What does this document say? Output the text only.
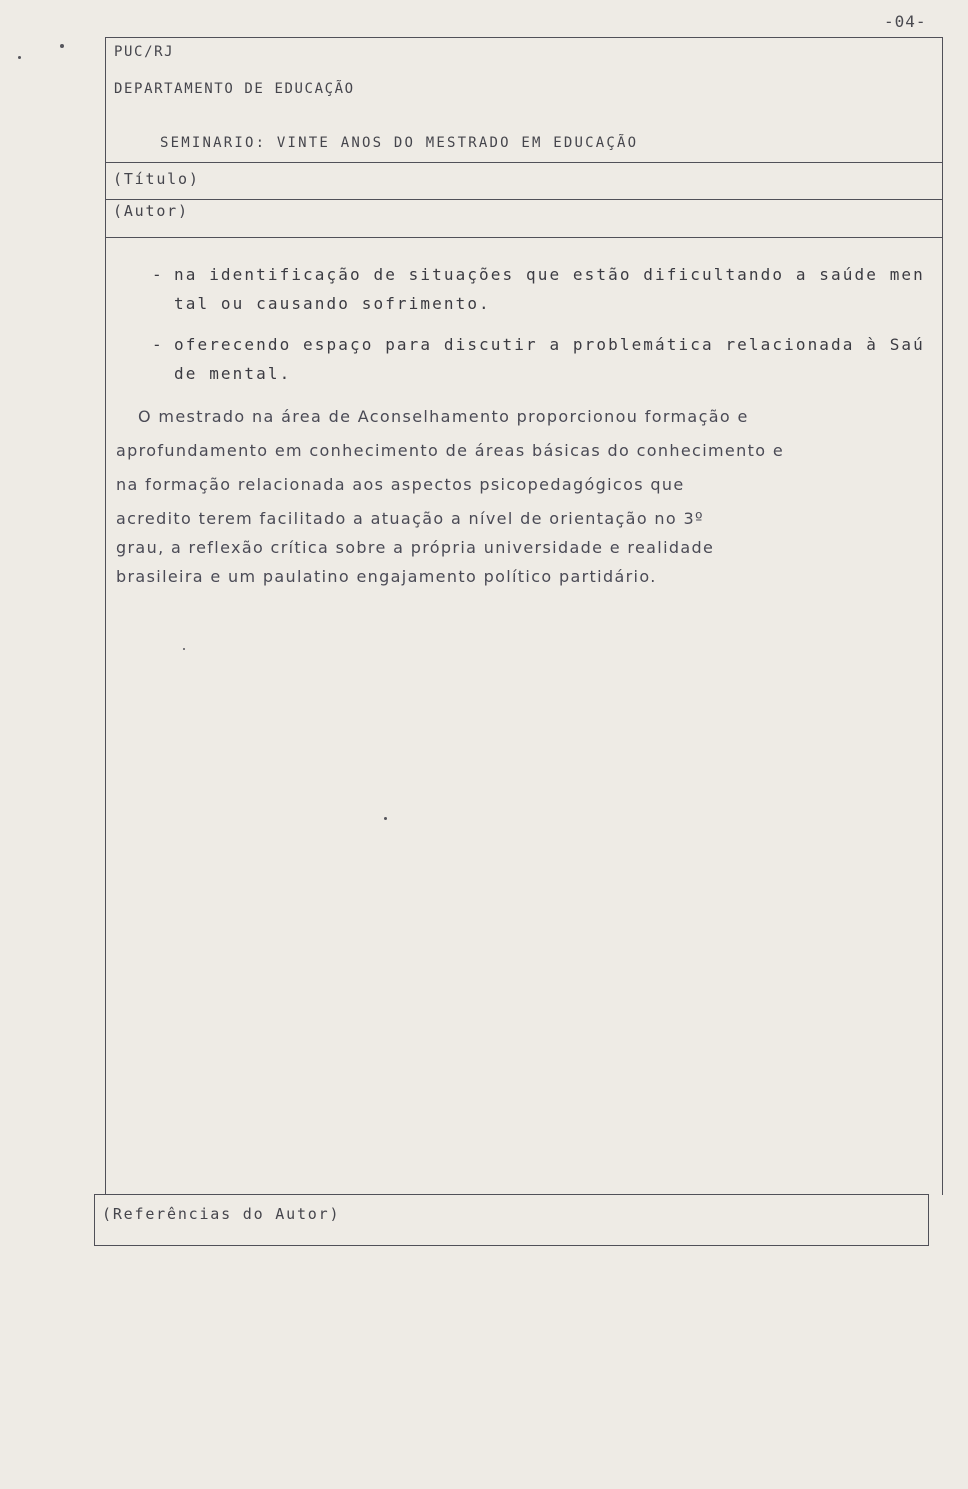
-04-
PUC/RJ
DEPARTAMENTO DE EDUCAÇÃO
SEMINARIO: VINTE ANOS DO MESTRADO EM EDUCAÇÃO
(Título)
(Autor)
- na identificação de situações que estão dificultando a saúde men
tal ou causando sofrimento.
- oferecendo espaço para discutir a problemática relacionada à Saú
de mental.
O mestrado na área de Aconselhamento proporcionou formação e
aprofundamento em conhecimento de áreas básicas do conhecimento e
na formação relacionada aos aspectos psicopedagógicos que
acredito terem facilitado a atuação a nível de orientação no 3º
grau, a reflexão crítica sobre a própria universidade e realidade
brasileira e um paulatino engajamento político partidário.
(Referências do Autor)
